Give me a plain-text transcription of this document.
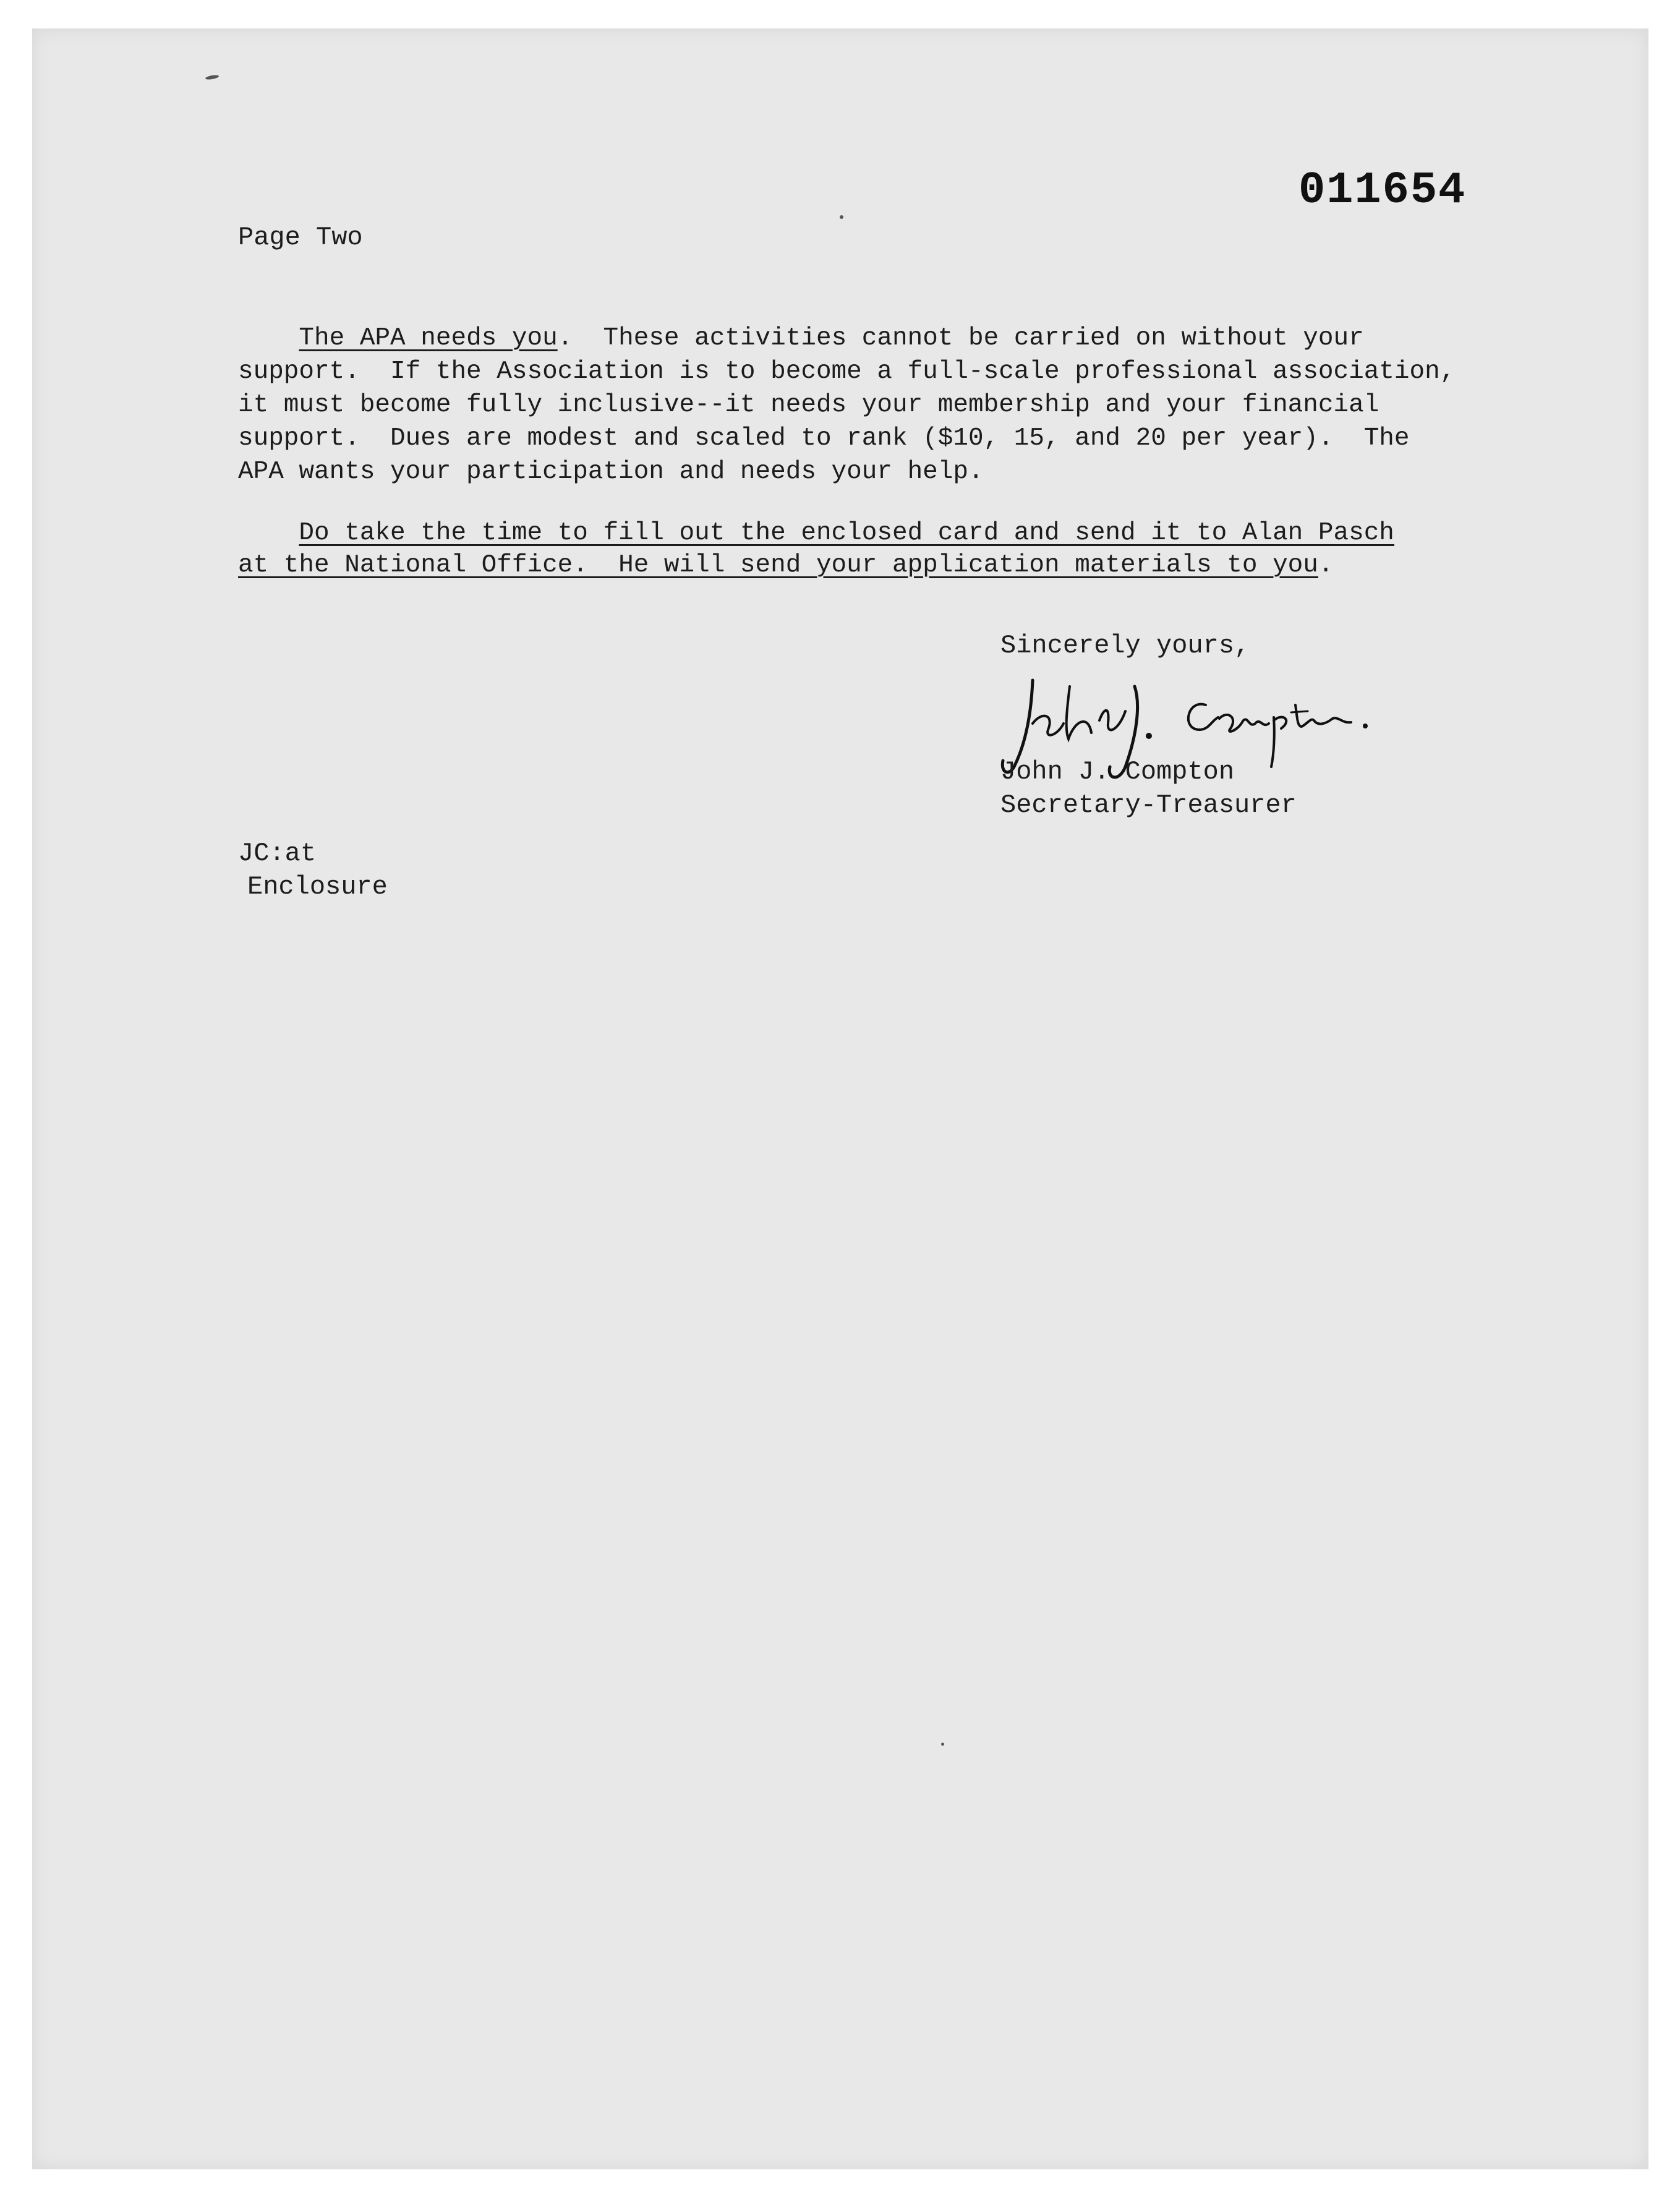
011654
Page Two
The APA needs you.  These activities cannot be carried on without your
support.  If the Association is to become a full-scale professional association,
it must become fully inclusive--it needs your membership and your financial
support.  Dues are modest and scaled to rank ($10, 15, and 20 per year).  The
APA wants your participation and needs your help.
Do take the time to fill out the enclosed card and send it to Alan Pasch
at the National Office.  He will send your application materials to you.
Sincerely yours,
John J. Compton
Secretary-Treasurer
JC:at
Enclosure
